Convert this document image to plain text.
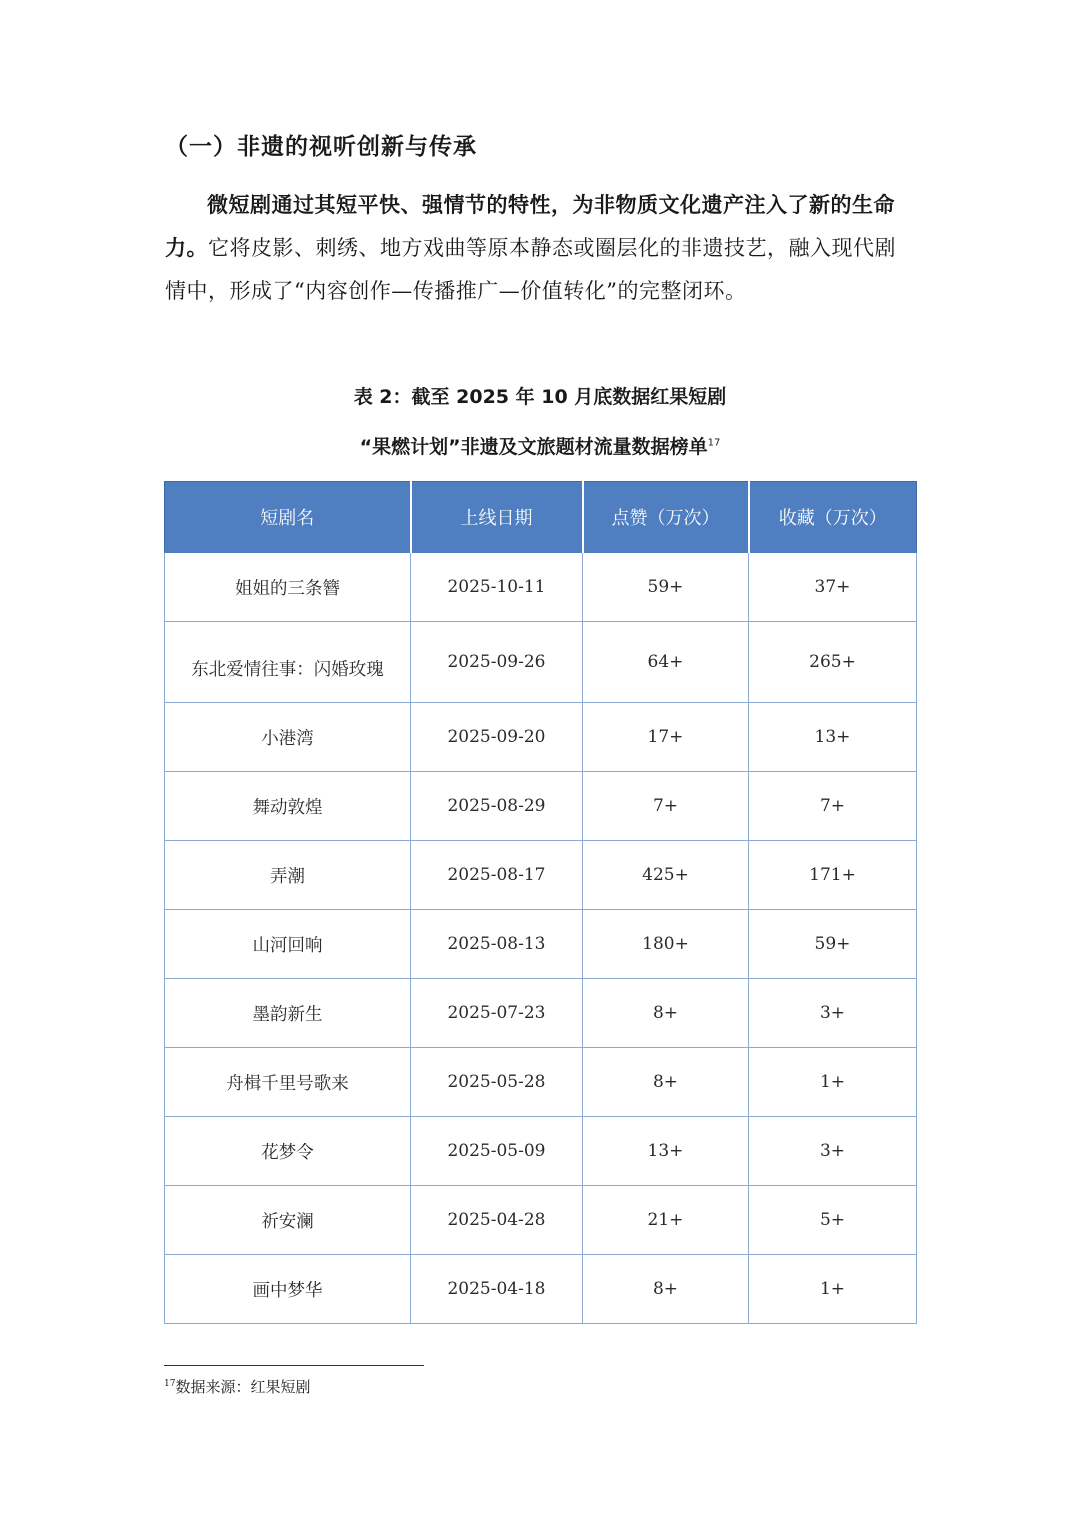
（一）非遗的视听创新与传承

微短剧通过其短平快、强情节的特性，为非物质文化遗产注入了新的生命力。它将皮影、刺绣、地方戏曲等原本静态或圈层化的非遗技艺，融入现代剧情中，形成了“内容创作—传播推广—价值转化”的完整闭环。

表 2：截至 2025 年 10 月底数据红果短剧
“果燃计划”非遗及文旅题材流量数据榜单$^{17}$
短剧名	上线日期	点赞（万次）	收藏（万次）
姐姐的三条簪	2025-10-11	59+	37+
东北爱情往事：闪婚玫瑰	2025-09-26	64+	265+
小港湾	2025-09-20	17+	13+
舞动敦煌	2025-08-29	7+	7+
弄潮	2025-08-17	425+	171+
山河回响	2025-08-13	180+	59+
墨韵新生	2025-07-23	8+	3+
舟楫千里号歌来	2025-05-28	8+	1+
花梦令	2025-05-09	13+	3+
祈安澜	2025-04-28	21+	5+
画中梦华	2025-04-18	8+	1+
$^{17}$数据来源：红果短剧
